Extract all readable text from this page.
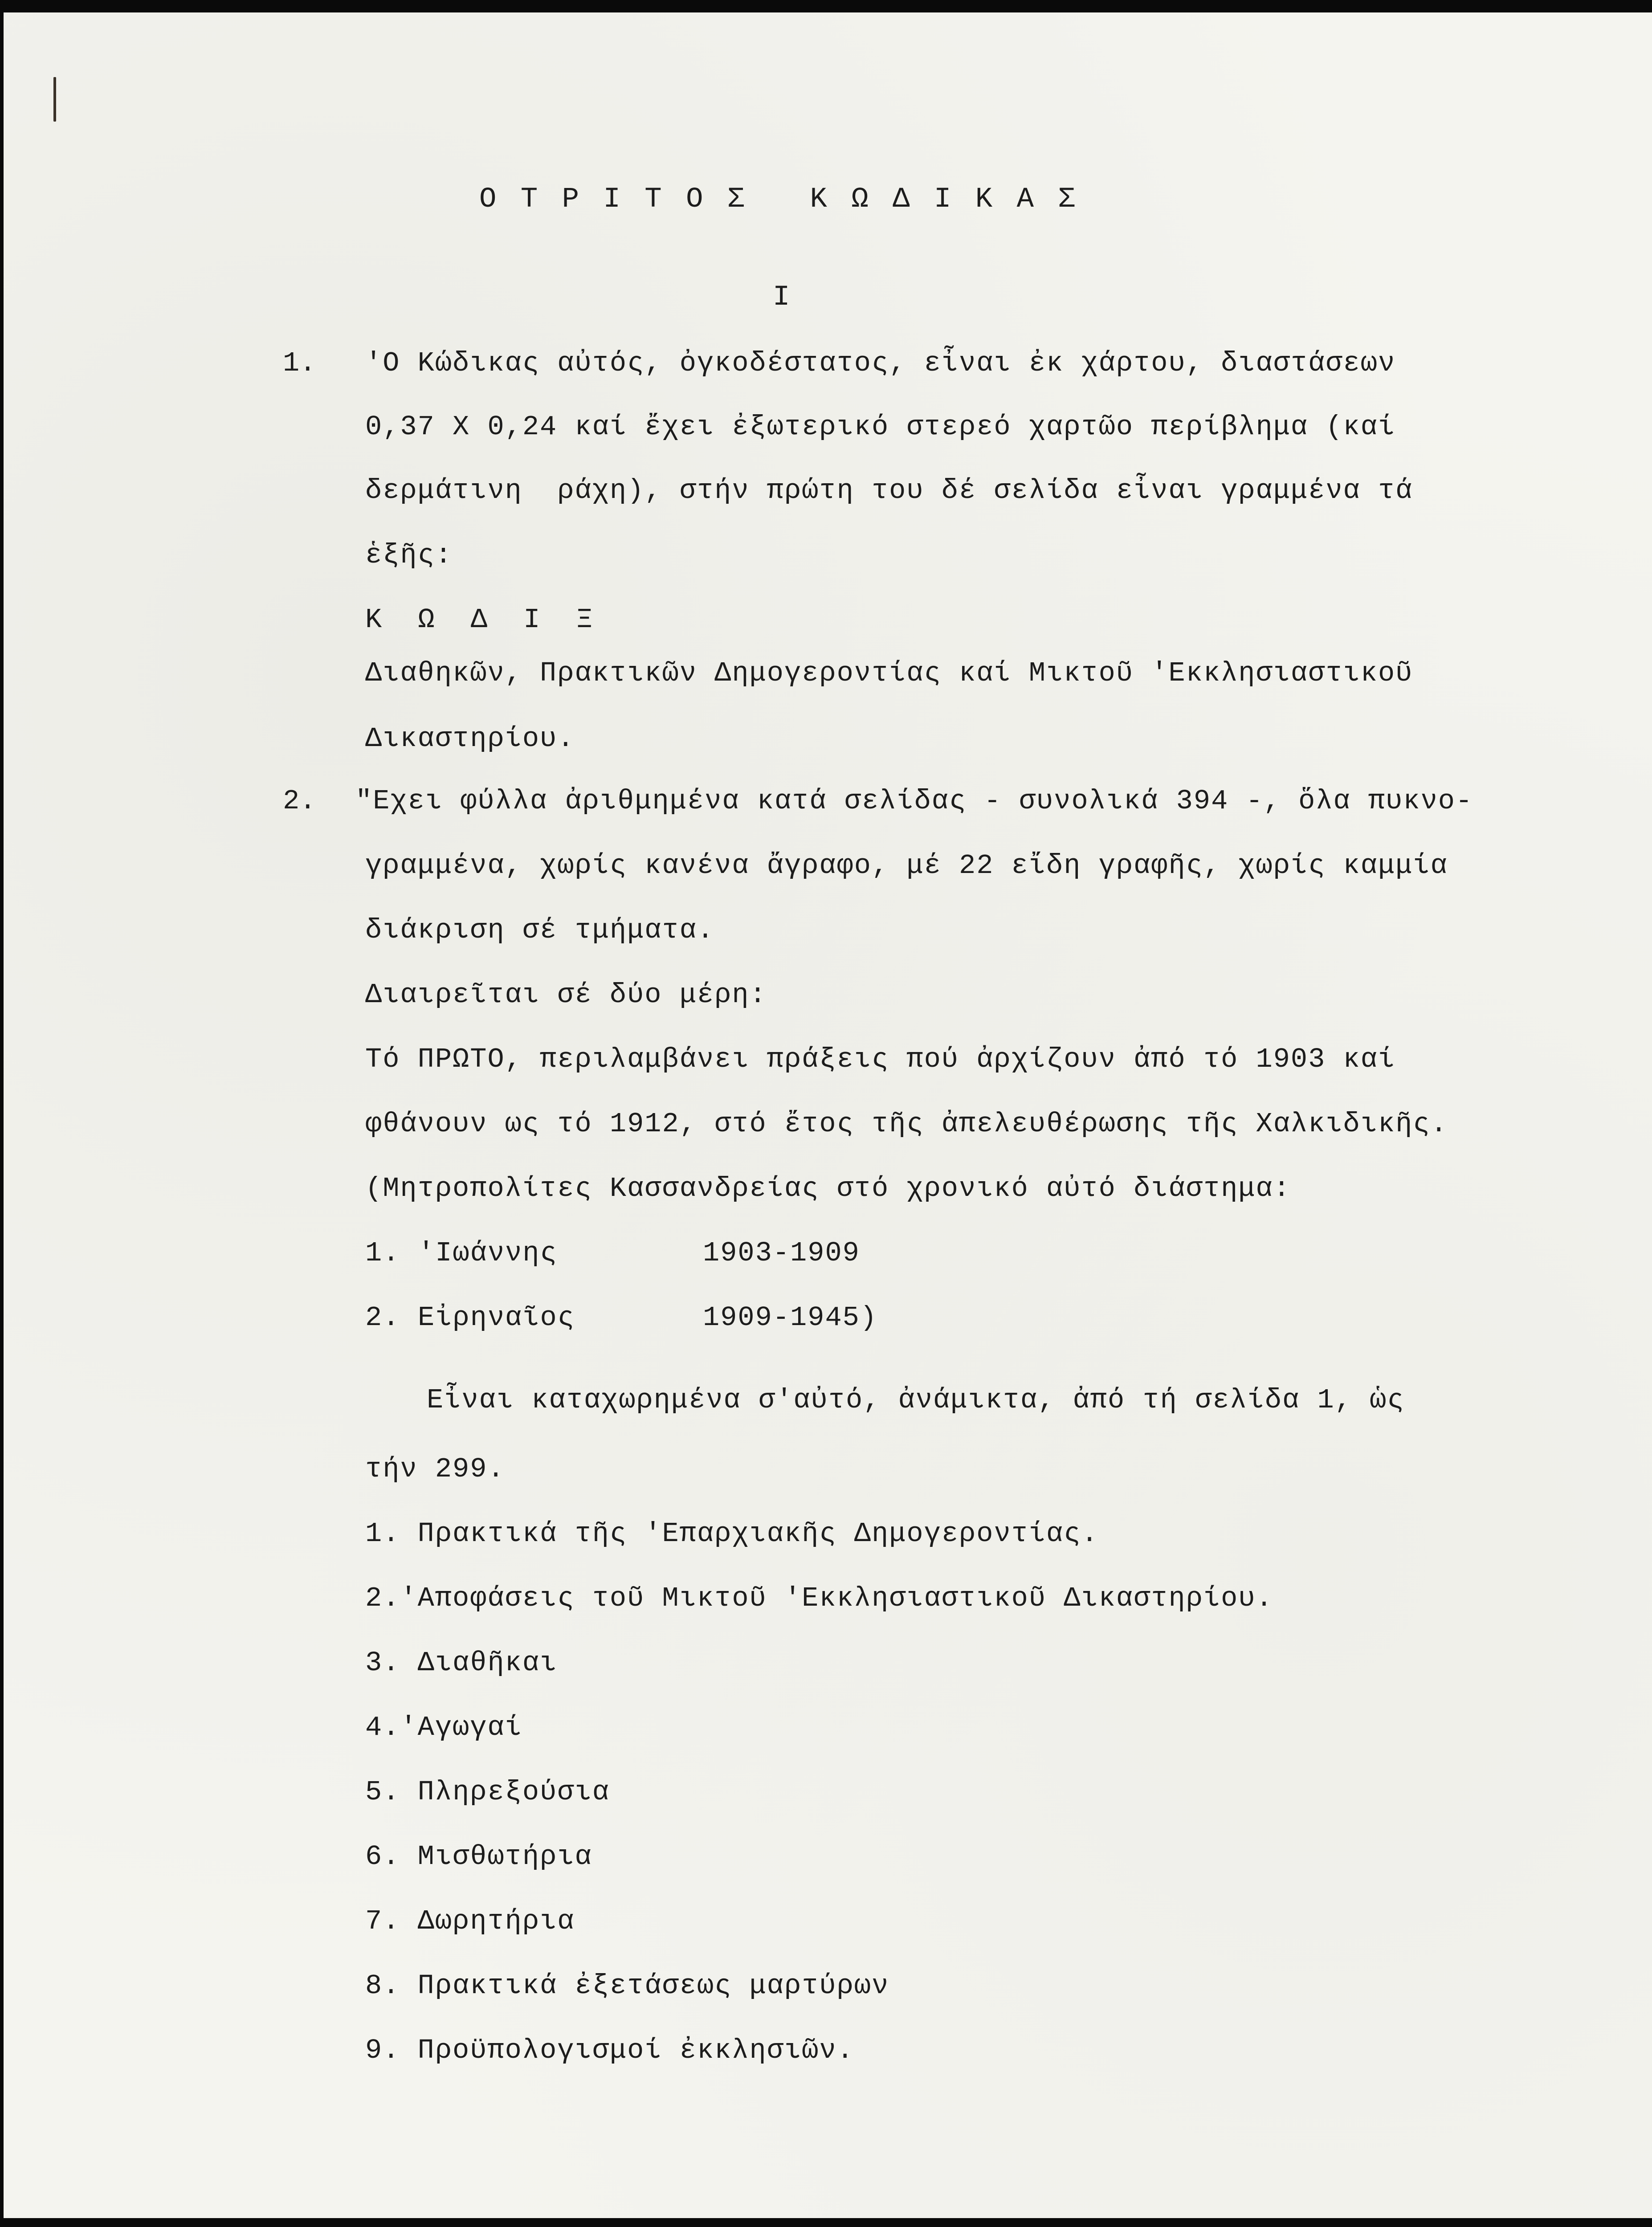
Ο Τ Ρ Ι Τ Ο Σ   Κ Ω Δ Ι Κ Α Σ
I
1. 'Ο Κώδικας αὐτός, ὀγκοδέστατος, εἶναι ἐκ χάρτου, διαστάσεων
0,37 Χ 0,24 καί ἔχει ἐξωτερικό στερεό χαρτῶο περίβλημα (καί
δερμάτινη  ράχη), στήν πρώτη του δέ σελίδα εἶναι γραμμένα τά
ἑξῆς:
Κ Ω Δ Ι Ξ
Διαθηκῶν, Πρακτικῶν Δημογεροντίας καί Μικτοῦ 'Εκκλησιαστικοῦ
Δικαστηρίου.
2. "Εχει φύλλα ἀριθμημένα κατά σελίδας - συνολικά 394 -, ὅλα πυκνο-
γραμμένα, χωρίς κανένα ἄγραφο, μέ 22 εἴδη γραφῆς, χωρίς καμμία
διάκριση σέ τμήματα.
Διαιρεῖται σέ δύο μέρη:
Τό ΠΡΩΤΟ, περιλαμβάνει πράξεις πού ἀρχίζουν ἀπό τό 1903 καί
φθάνουν ως τό 1912, στό ἔτος τῆς ἀπελευθέρωσης τῆς Χαλκιδικῆς.
(Μητροπολίτες Κασσανδρείας στό χρονικό αὐτό διάστημα:
1. 'Ιωάννης	1903-1909
2. Εἰρηναῖος	1909-1945)
Εἶναι καταχωρημένα σ'αὐτό, ἀνάμικτα, ἀπό τή σελίδα 1, ὡς
τήν 299.
1. Πρακτικά τῆς 'Επαρχιακῆς Δημογεροντίας.
2.'Αποφάσεις τοῦ Μικτοῦ 'Εκκλησιαστικοῦ Δικαστηρίου.
3. Διαθῆκαι
4.'Αγωγαί
5. Πληρεξούσια
6. Μισθωτήρια
7. Δωρητήρια
8. Πρακτικά ἐξετάσεως μαρτύρων
9. Προϋπολογισμοί ἐκκλησιῶν.
